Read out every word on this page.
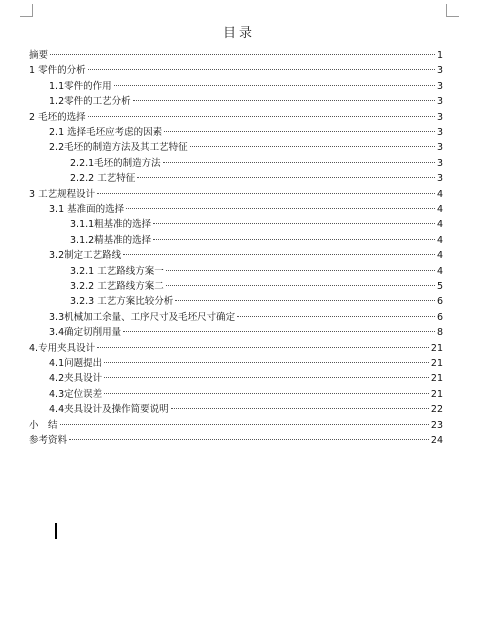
目录
摘要	1
1 零件的分析	3
1.1零件的作用	3
1.2零件的工艺分析	3
2 毛坯的选择	3
2.1 选择毛坯应考虑的因素	3
2.2毛坯的制造方法及其工艺特征	3
2.2.1毛坯的制造方法	3
2.2.2 工艺特征	3
3 工艺规程设计	4
3.1 基准面的选择	4
3.1.1粗基准的选择	4
3.1.2精基准的选择	4
3.2制定工艺路线	4
3.2.1 工艺路线方案一	4
3.2.2 工艺路线方案二	5
3.2.3 工艺方案比较分析	6
3.3机械加工余量、工序尺寸及毛坯尺寸确定	6
3.4确定切削用量	8
4.专用夹具设计	21
4.1问题提出	21
4.2夹具设计	21
4.3定位误差	21
4.4夹具设计及操作简要说明	22
小　结	23
参考资料	24
